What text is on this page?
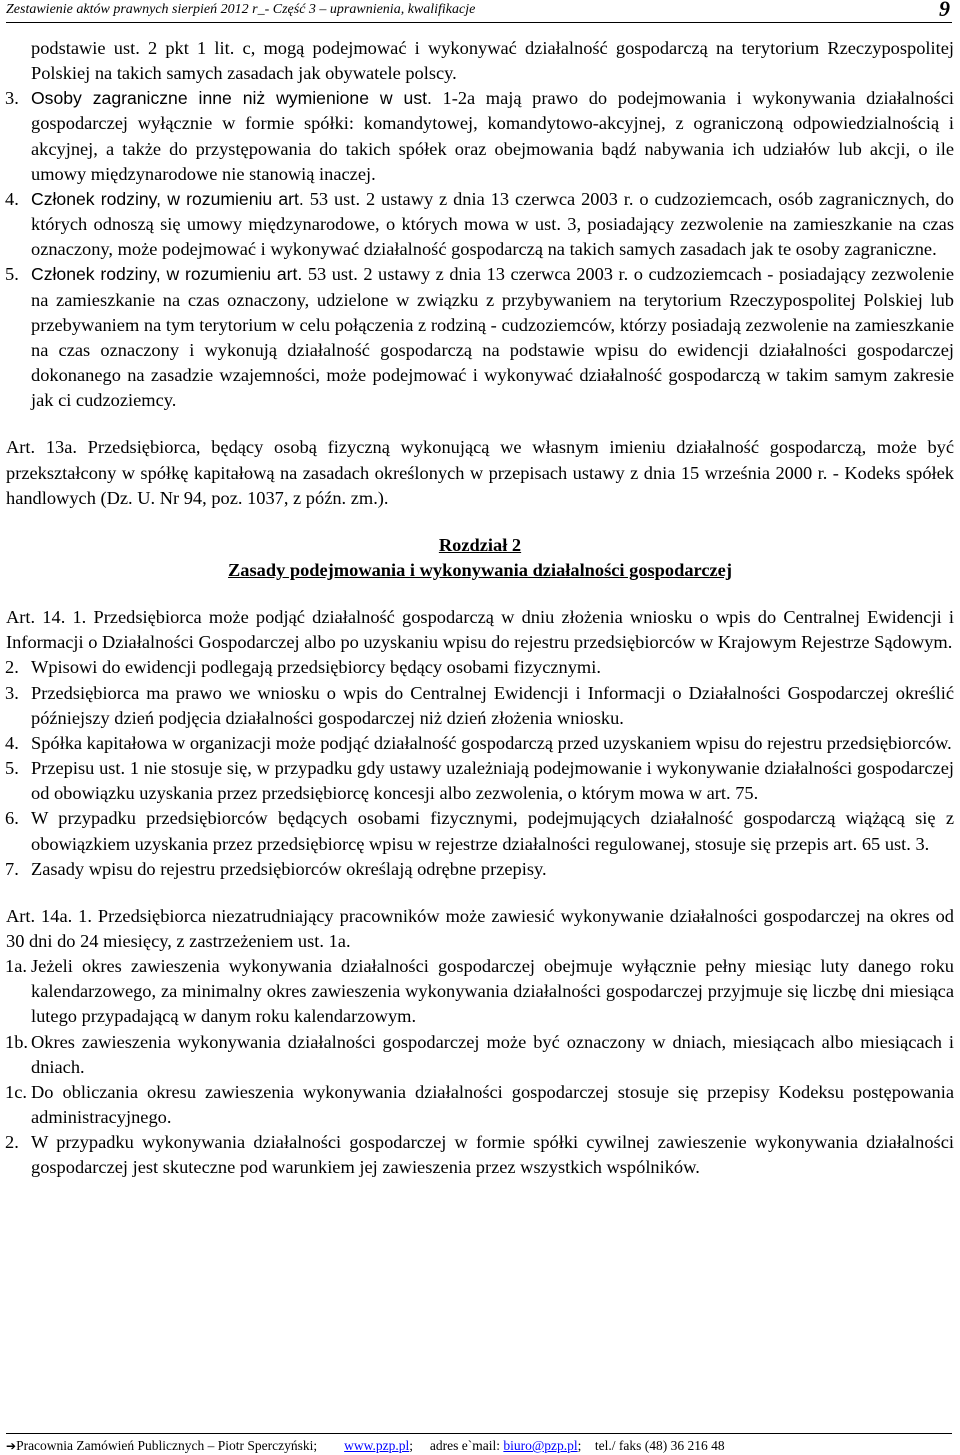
Zestawienie aktów prawnych sierpień 2012 r_- Część 3 – uprawnienia, kwalifikacje	9

podstawie ust. 2 pkt 1 lit. c, mogą podejmować i wykonywać działalność gospodarczą na terytorium Rzeczypospolitej Polskiej na takich samych zasadach jak obywatele polscy.

3. Osoby zagraniczne inne niż wymienione w ust. 1-2a mają prawo do podejmowania i wykonywania działalności gospodarczej wyłącznie w formie spółki: komandytowej, komandytowo-akcyjnej, z ograniczoną odpowiedzialnością i akcyjnej, a także do przystępowania do takich spółek oraz obejmowania bądź nabywania ich udziałów lub akcji, o ile umowy międzynarodowe nie stanowią inaczej.
4. Członek rodziny, w rozumieniu art. 53 ust. 2 ustawy z dnia 13 czerwca 2003 r. o cudzoziemcach, osób zagranicznych, do których odnoszą się umowy międzynarodowe, o których mowa w ust. 3, posiadający zezwolenie na zamieszkanie na czas oznaczony, może podejmować i wykonywać działalność gospodarczą na takich samych zasadach jak te osoby zagraniczne.
5. Członek rodziny, w rozumieniu art. 53 ust. 2 ustawy z dnia 13 czerwca 2003 r. o cudzoziemcach - posiadający zezwolenie na zamieszkanie na czas oznaczony, udzielone w związku z przybywaniem na terytorium Rzeczypospolitej Polskiej lub przebywaniem na tym terytorium w celu połączenia z rodziną - cudzoziemców, którzy posiadają zezwolenie na zamieszkanie na czas oznaczony i wykonują działalność gospodarczą na podstawie wpisu do ewidencji działalności gospodarczej dokonanego na zasadzie wzajemności, może podejmować i wykonywać działalność gospodarczą w takim samym zakresie jak ci cudzoziemcy.
Art. 13a. Przedsiębiorca, będący osobą fizyczną wykonującą we własnym imieniu działalność gospodarczą, może być przekształcony w spółkę kapitałową na zasadach określonych w przepisach ustawy z dnia 15 września 2000 r. - Kodeks spółek handlowych (Dz. U. Nr 94, poz. 1037, z późn. zm.).
Rozdział 2
Zasady podejmowania i wykonywania działalności gospodarczej
Art. 14. 1. Przedsiębiorca może podjąć działalność gospodarczą w dniu złożenia wniosku o wpis do Centralnej Ewidencji i Informacji o Działalności Gospodarczej albo po uzyskaniu wpisu do rejestru przedsiębiorców w Krajowym Rejestrze Sądowym.
2. Wpisowi do ewidencji podlegają przedsiębiorcy będący osobami fizycznymi.
3. Przedsiębiorca ma prawo we wniosku o wpis do Centralnej Ewidencji i Informacji o Działalności Gospodarczej określić późniejszy dzień podjęcia działalności gospodarczej niż dzień złożenia wniosku.
4. Spółka kapitałowa w organizacji może podjąć działalność gospodarczą przed uzyskaniem wpisu do rejestru przedsiębiorców.
5. Przepisu ust. 1 nie stosuje się, w przypadku gdy ustawy uzależniają podejmowanie i wykonywanie działalności gospodarczej od obowiązku uzyskania przez przedsiębiorcę koncesji albo zezwolenia, o którym mowa w art. 75.
6. W przypadku przedsiębiorców będących osobami fizycznymi, podejmujących działalność gospodarczą wiążącą się z obowiązkiem uzyskania przez przedsiębiorcę wpisu w rejestrze działalności regulowanej, stosuje się przepis art. 65 ust. 3.
7. Zasady wpisu do rejestru przedsiębiorców określają odrębne przepisy.
Art. 14a. 1. Przedsiębiorca niezatrudniający pracowników może zawiesić wykonywanie działalności gospodarczej na okres od 30 dni do 24 miesięcy, z zastrzeżeniem ust. 1a.
1a. Jeżeli okres zawieszenia wykonywania działalności gospodarczej obejmuje wyłącznie pełny miesiąc luty danego roku kalendarzowego, za minimalny okres zawieszenia wykonywania działalności gospodarczej przyjmuje się liczbę dni miesiąca lutego przypadającą w danym roku kalendarzowym.
1b. Okres zawieszenia wykonywania działalności gospodarczej może być oznaczony w dniach, miesiącach albo miesiącach i dniach.
1c. Do obliczania okresu zawieszenia wykonywania działalności gospodarczej stosuje się przepisy Kodeksu postępowania administracyjnego.
2. W przypadku wykonywania działalności gospodarczej w formie spółki cywilnej zawieszenie wykonywania działalności gospodarczej jest skuteczne pod warunkiem jej zawieszenia przez wszystkich wspólników.
➔Pracownia Zamówień Publicznych – Piotr Sperczyński; www.pzp.pl; adres e`mail: biuro@pzp.pl; tel./ faks (48) 36 216 48
